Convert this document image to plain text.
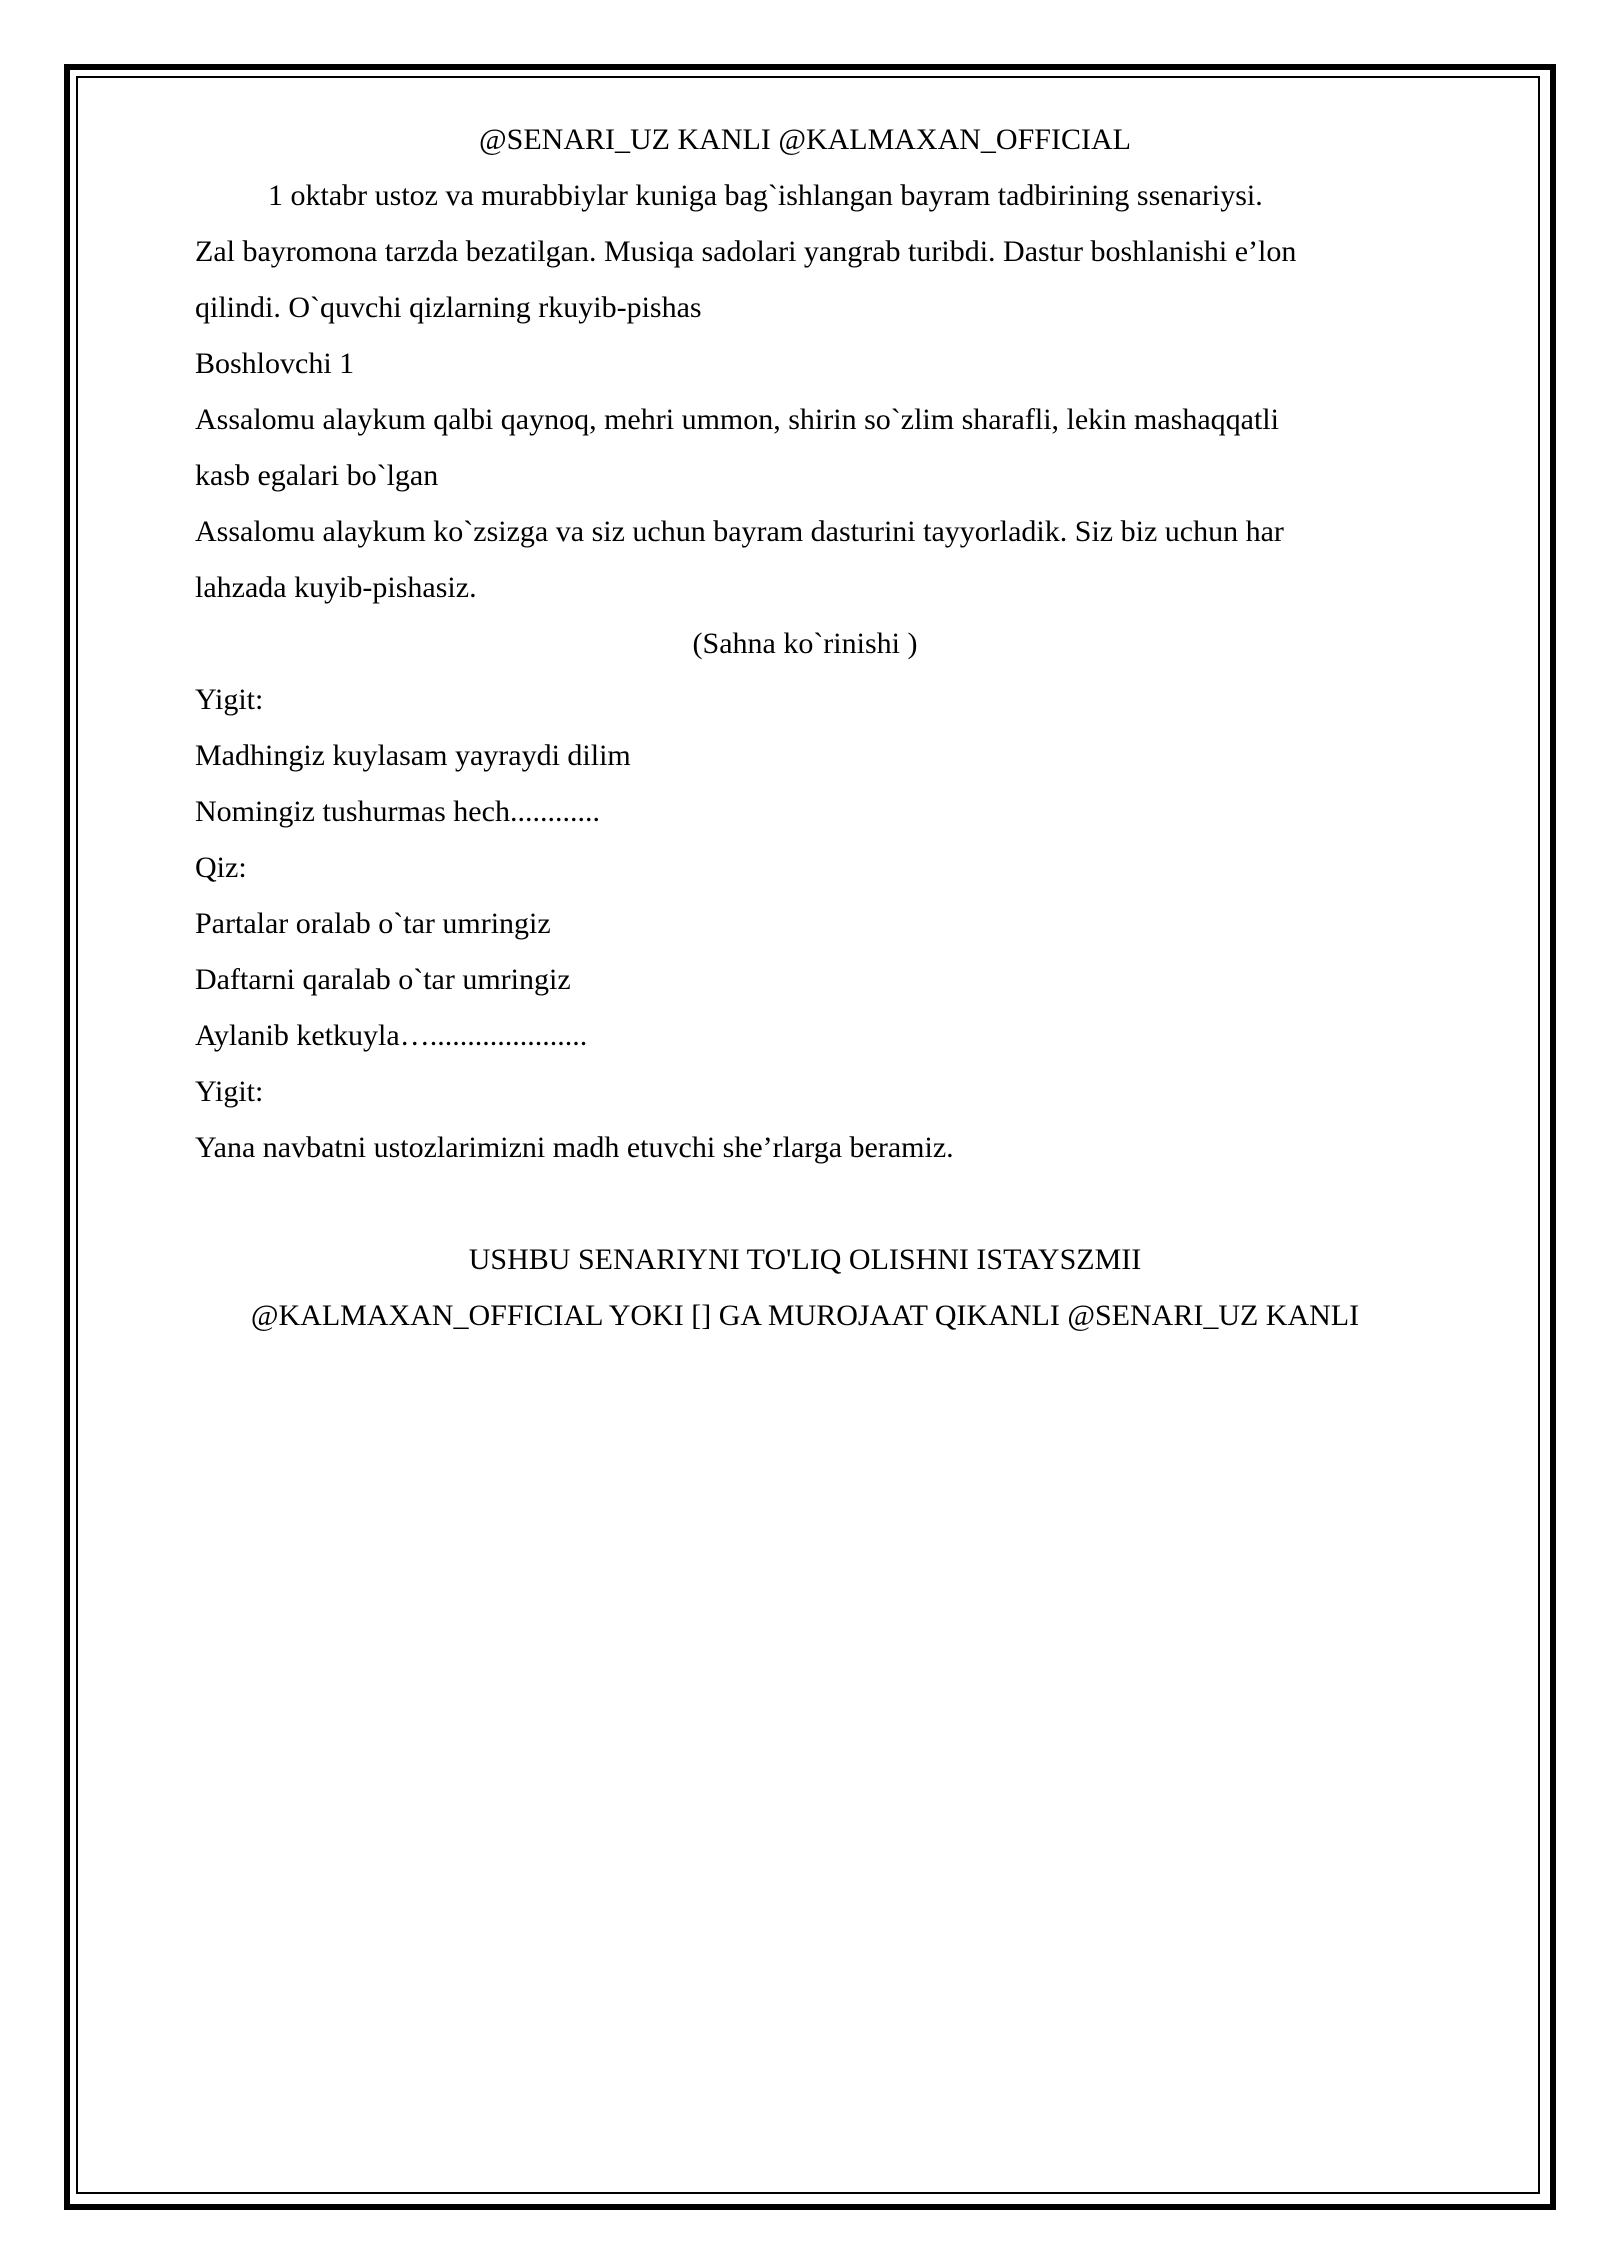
@SENARI_UZ KANLI @KALMAXAN_OFFICIAL

1 oktabr ustoz va murabbiylar kuniga bag`ishlangan bayram tadbirining ssenariysi.

Zal bayromona tarzda bezatilgan. Musiqa sadolari yangrab turibdi. Dastur boshlanishi e’lon

qilindi. O`quvchi qizlarning rkuyib-pishas

Boshlovchi 1

Assalomu alaykum qalbi qaynoq, mehri ummon, shirin so`zlim sharafli, lekin mashaqqatli

kasb egalari bo`lgan

Assalomu alaykum ko`zsizga va siz uchun bayram dasturini tayyorladik. Siz biz uchun har

lahzada kuyib-pishasiz.

(Sahna ko`rinishi )

Yigit:

Madhingiz kuylasam yayraydi dilim

Nomingiz tushurmas hech............

Qiz:

Partalar oralab o`tar umringiz

Daftarni qaralab o`tar umringiz

Aylanib ketkuyla….....................

Yigit:

Yana navbatni ustozlarimizni madh etuvchi she’rlarga beramiz.

USHBU SENARIYNI TO'LIQ OLISHNI ISTAYSZMII

@KALMAXAN_OFFICIAL YOKI [] GA MUROJAAT QIKANLI @SENARI_UZ KANLI
